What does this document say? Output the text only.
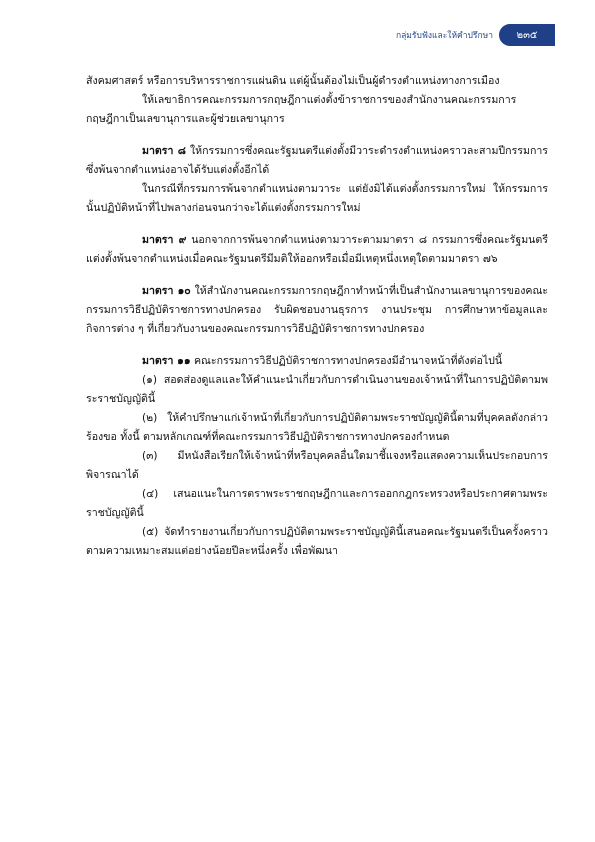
กลุ่มรับฟังและให้คำปรึกษา	๒๓๕

สังคมศาสตร์ หรือการบริหารราชการแผ่นดิน แต่ผู้นั้นต้องไม่เป็นผู้ดำรงตำแหน่งทางการเมือง

ให้เลขาธิการคณะกรรมการกฤษฎีกาแต่งตั้งข้าราชการของสำนักงานคณะกรรมการกฤษฎีกาเป็นเลขานุการและผู้ช่วยเลขานุการ

มาตรา ๘ ให้กรรมการซึ่งคณะรัฐมนตรีแต่งตั้งมีวาระดำรงตำแหน่งคราวละสามปีกรรมการซึ่งพ้นจากตำแหน่งอาจได้รับแต่งตั้งอีกได้

ในกรณีที่กรรมการพ้นจากตำแหน่งตามวาระ แต่ยังมิได้แต่งตั้งกรรมการใหม่ ให้กรรมการนั้นปฏิบัติหน้าที่ไปพลางก่อนจนกว่าจะได้แต่งตั้งกรรมการใหม่

มาตรา ๙ นอกจากการพ้นจากตำแหน่งตามวาระตามมาตรา ๘ กรรมการซึ่งคณะรัฐมนตรีแต่งตั้งพ้นจากตำแหน่งเมื่อคณะรัฐมนตรีมีมติให้ออกหรือเมื่อมีเหตุหนึ่งเหตุใดตามมาตรา ๗๖

มาตรา ๑๐ ให้สำนักงานคณะกรรมการกฤษฎีกาทำหน้าที่เป็นสำนักงานเลขานุการของคณะกรรมการวิธีปฏิบัติราชการทางปกครอง รับผิดชอบงานธุรการ งานประชุม การศึกษาหาข้อมูลและกิจการต่าง ๆ ที่เกี่ยวกับงานของคณะกรรมการวิธีปฏิบัติราชการทางปกครอง

มาตรา ๑๑ คณะกรรมการวิธีปฏิบัติราชการทางปกครองมีอำนาจหน้าที่ดังต่อไปนี้

(๑) สอดส่องดูแลและให้คำแนะนำเกี่ยวกับการดำเนินงานของเจ้าหน้าที่ในการปฏิบัติตามพระราชบัญญัตินี้

(๒) ให้คำปรึกษาแก่เจ้าหน้าที่เกี่ยวกับการปฏิบัติตามพระราชบัญญัตินี้ตามที่บุคคลดังกล่าวร้องขอ ทั้งนี้ ตามหลักเกณฑ์ที่คณะกรรมการวิธีปฏิบัติราชการทางปกครองกำหนด

(๓) มีหนังสือเรียกให้เจ้าหน้าที่หรือบุคคลอื่นใดมาชี้แจงหรือแสดงความเห็นประกอบการพิจารณาได้

(๔) เสนอแนะในการตราพระราชกฤษฎีกาและการออกกฎกระทรวงหรือประกาศตามพระราชบัญญัตินี้

(๕) จัดทำรายงานเกี่ยวกับการปฏิบัติตามพระราชบัญญัตินี้เสนอคณะรัฐมนตรีเป็นครั้งคราวตามความเหมาะสมแต่อย่างน้อยปีละหนึ่งครั้ง เพื่อพัฒนา
